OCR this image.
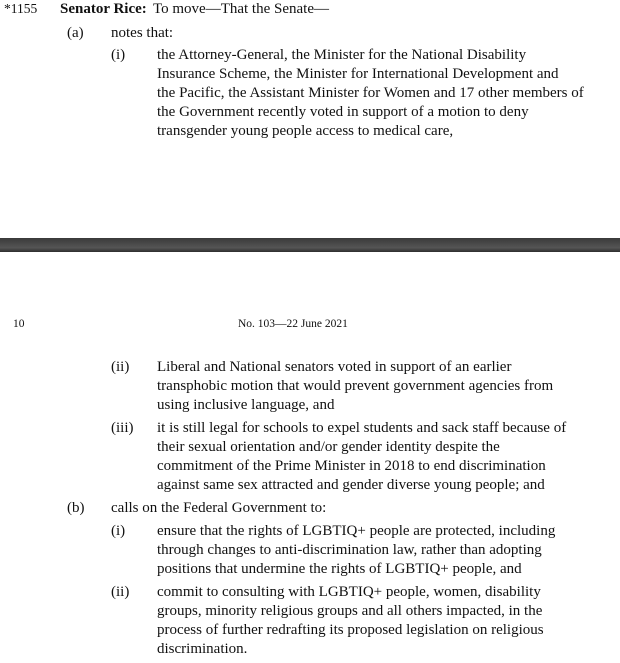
*1155 Senator Rice: To move—That the Senate—
(a) notes that:
(i) the Attorney-General, the Minister for the National Disability
Insurance Scheme, the Minister for International Development and
the Pacific, the Assistant Minister for Women and 17 other members of
the Government recently voted in support of a motion to deny
transgender young people access to medical care,
10	No. 103—22 June 2021
(ii) Liberal and National senators voted in support of an earlier
transphobic motion that would prevent government agencies from
using inclusive language, and
(iii) it is still legal for schools to expel students and sack staff because of
their sexual orientation and/or gender identity despite the
commitment of the Prime Minister in 2018 to end discrimination
against same sex attracted and gender diverse young people; and
(b) calls on the Federal Government to:
(i) ensure that the rights of LGBTIQ+ people are protected, including
through changes to anti-discrimination law, rather than adopting
positions that undermine the rights of LGBTIQ+ people, and
(ii) commit to consulting with LGBTIQ+ people, women, disability
groups, minority religious groups and all others impacted, in the
process of further redrafting its proposed legislation on religious
discrimination.
